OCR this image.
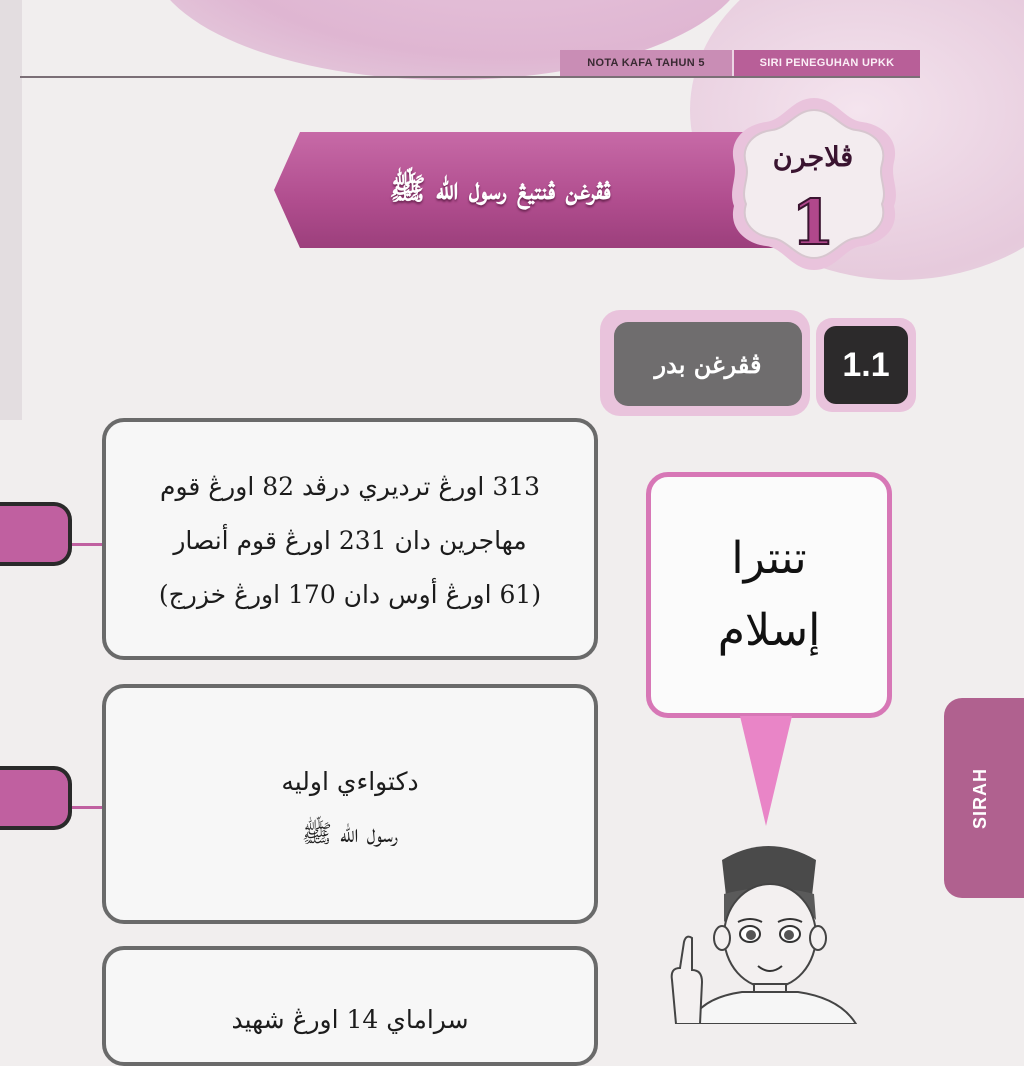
NOTA KAFA TAHUN 5	SIRI PENEGUHAN UPKK
ڤڤرغن ڤنتيڠ رسول الله ﷺ
ڤلاجرن
1
1.1
ڤڤرغن بدر
313 اورڠ ترديري درڤد 82 اورڠ قوم
مهاجرين دان 231 اورڠ قوم أنصار
(61 اورڠ أوس دان 170 اورڠ خزرج)
دكتواءي اوليه
رسول الله ﷺ
سراماي 14 اورڠ شهيد
تنترا
إسلام
SIRAH
